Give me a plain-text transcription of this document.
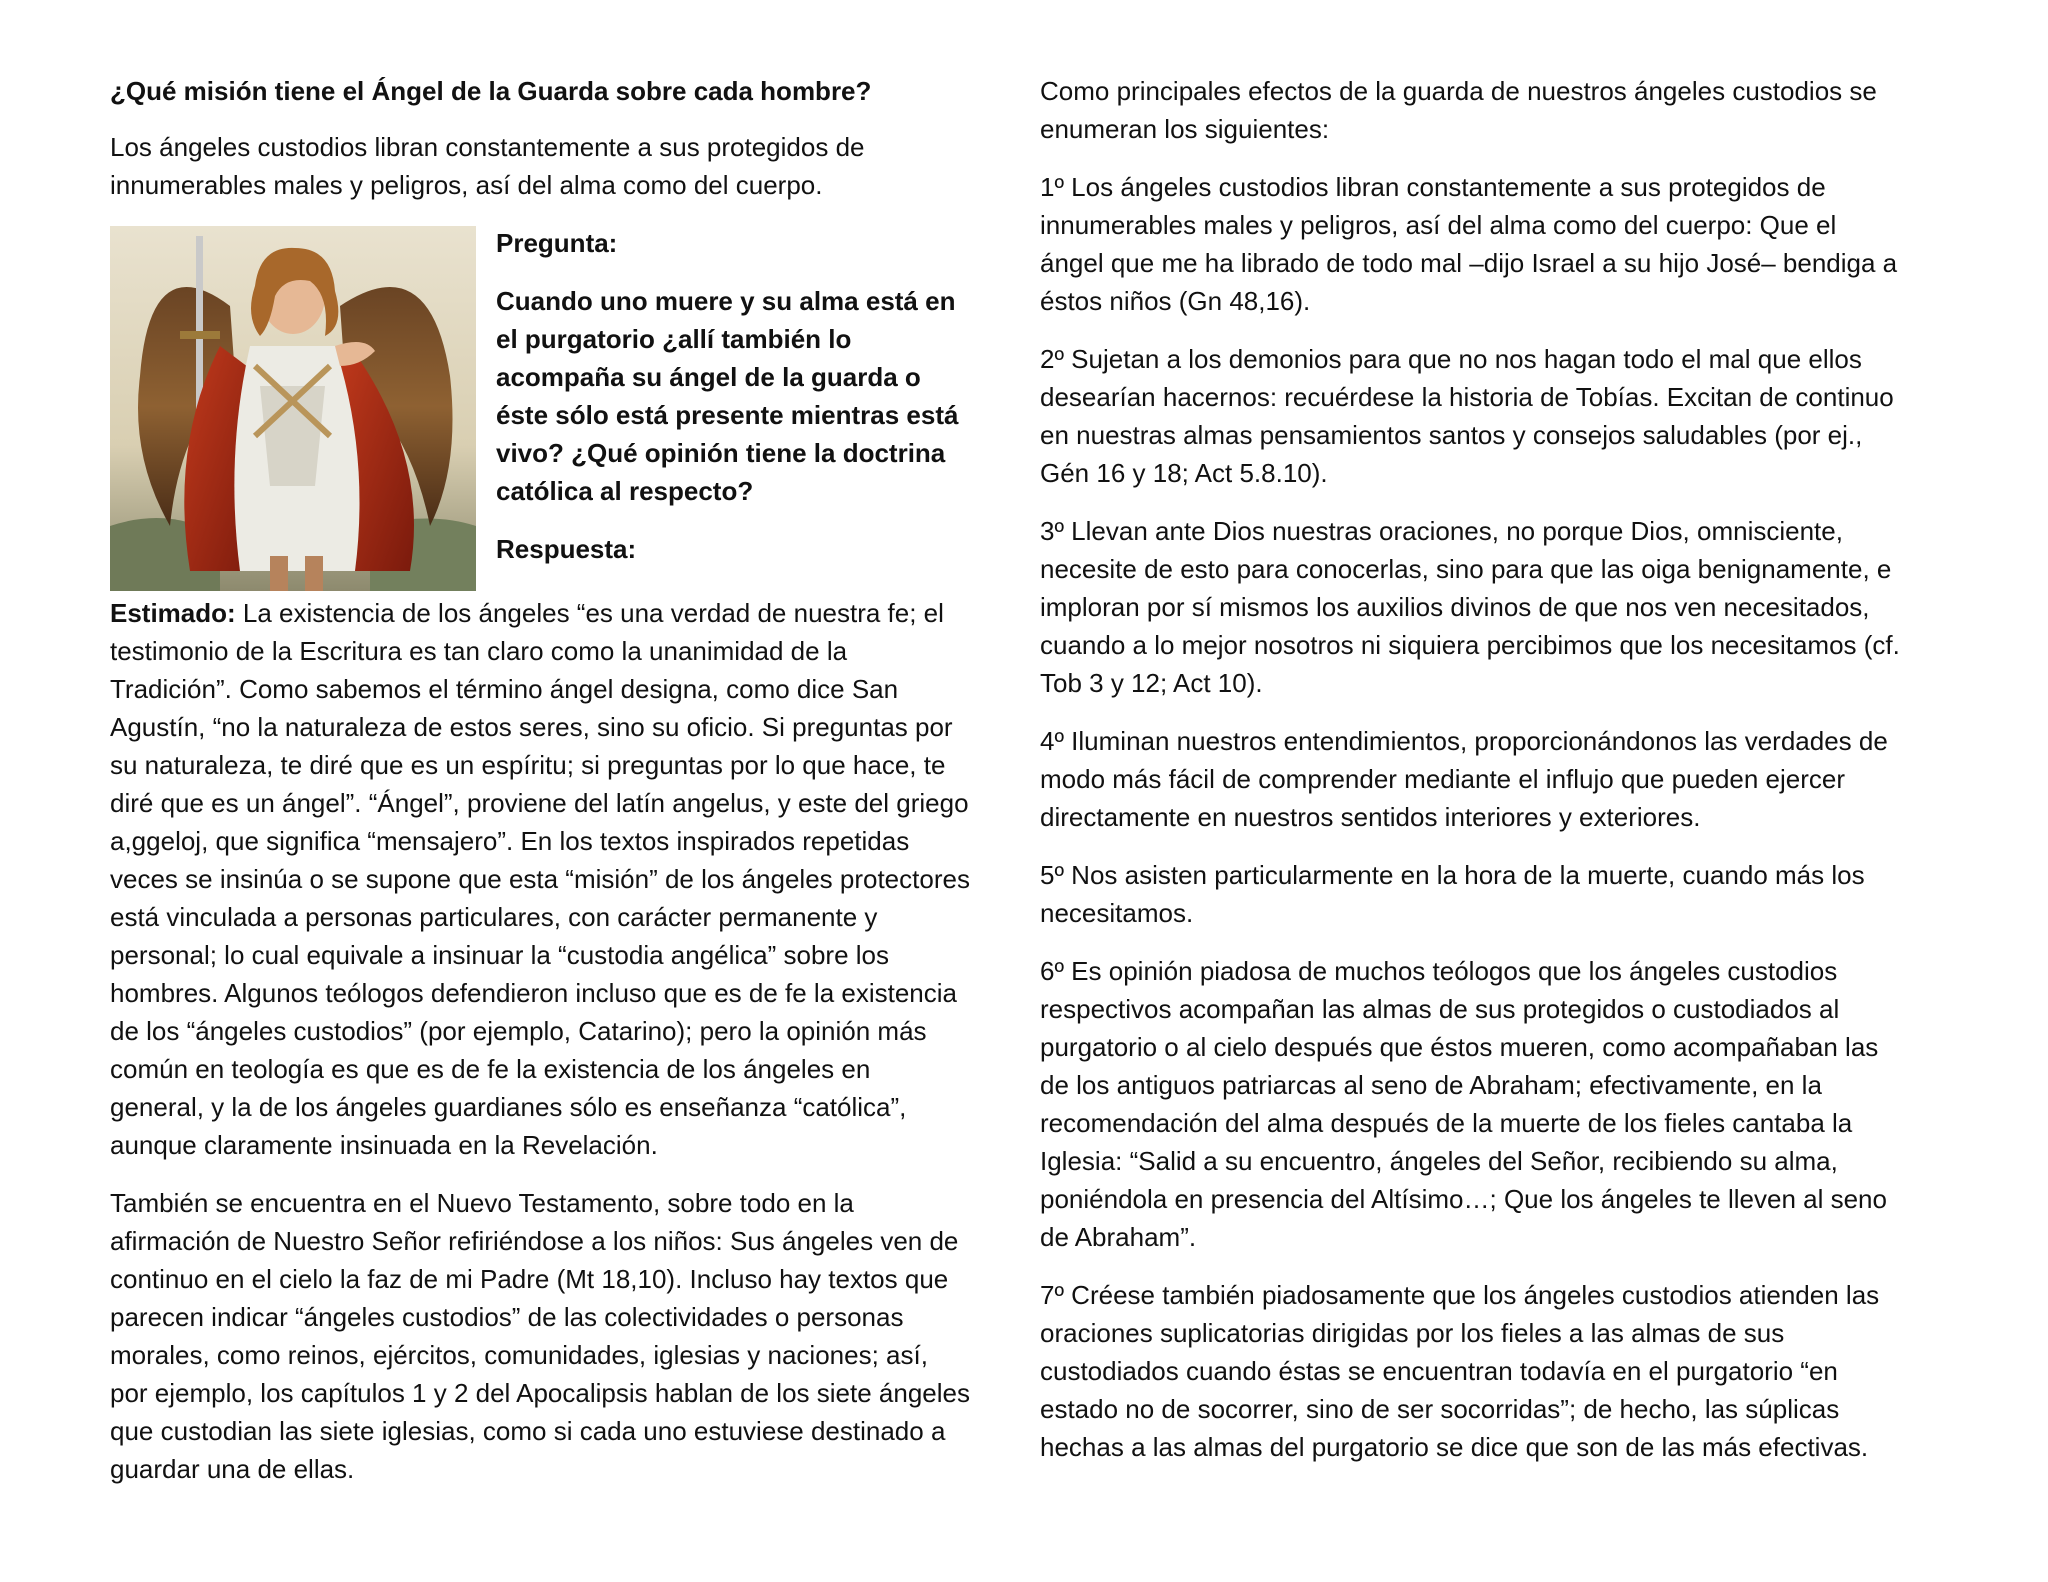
¿Qué misión tiene el Ángel de la Guarda sobre cada hombre?

Los ángeles custodios libran constantemente a sus protegidos de innumerables males y peligros, así del alma como del cuerpo.

Pregunta:

Cuando uno muere y su alma está en el purgatorio ¿allí también lo acompaña su ángel de la guarda o éste sólo está presente mientras está vivo? ¿Qué opinión tiene la doctrina católica al respecto?

Respuesta:

Estimado: La existencia de los ángeles “es una verdad de nuestra fe; el testimonio de la Escritura es tan claro como la unanimidad de la Tradición”. Como sabemos el término ángel designa, como dice San Agustín, “no la naturaleza de estos seres, sino su oficio. Si preguntas por su naturaleza, te diré que es un espíritu; si preguntas por lo que hace, te diré que es un ángel”. “Ángel”, proviene del latín angelus, y este del griego a,ggeloj, que significa “mensajero”. En los textos inspirados repetidas veces se insinúa o se supone que esta “misión” de los ángeles protectores está vinculada a personas particulares, con carácter permanente y personal; lo cual equivale a insinuar la “custodia angélica” sobre los hombres. Algunos teólogos defendieron incluso que es de fe la existencia de los “ángeles custodios” (por ejemplo, Catarino); pero la opinión más común en teología es que es de fe la existencia de los ángeles en general, y la de los ángeles guardianes sólo es enseñanza “católica”, aunque claramente insinuada en la Revelación.

También se encuentra en el Nuevo Testamento, sobre todo en la afirmación de Nuestro Señor refiriéndose a los niños: Sus ángeles ven de continuo en el cielo la faz de mi Padre (Mt 18,10). Incluso hay textos que parecen indicar “ángeles custodios” de las colectividades o personas morales, como reinos, ejércitos, comunidades, iglesias y naciones; así, por ejemplo, los capítulos 1 y 2 del Apocalipsis hablan de los siete ángeles que custodian las siete iglesias, como si cada uno estuviese destinado a guardar una de ellas.

Como principales efectos de la guarda de nuestros ángeles custodios se enumeran los siguientes:

1º Los ángeles custodios libran constantemente a sus protegidos de innumerables males y peligros, así del alma como del cuerpo: Que el ángel que me ha librado de todo mal –dijo Israel a su hijo José– bendiga a éstos niños (Gn 48,16).

2º Sujetan a los demonios para que no nos hagan todo el mal que ellos desearían hacernos: recuérdese la historia de Tobías. Excitan de continuo en nuestras almas pensamientos santos y consejos saludables (por ej., Gén 16 y 18; Act 5.8.10).

3º Llevan ante Dios nuestras oraciones, no porque Dios, omnisciente, necesite de esto para conocerlas, sino para que las oiga benignamente, e imploran por sí mismos los auxilios divinos de que nos ven necesitados, cuando a lo mejor nosotros ni siquiera percibimos que los necesitamos (cf. Tob 3 y 12; Act 10).

4º Iluminan nuestros entendimientos, proporcionándonos las verdades de modo más fácil de comprender mediante el influjo que pueden ejercer directamente en nuestros sentidos interiores y exteriores.

5º Nos asisten particularmente en la hora de la muerte, cuando más los necesitamos.

6º Es opinión piadosa de muchos teólogos que los ángeles custodios respectivos acompañan las almas de sus protegidos o custodiados al purgatorio o al cielo después que éstos mueren, como acompañaban las de los antiguos patriarcas al seno de Abraham; efectivamente, en la recomendación del alma después de la muerte de los fieles cantaba la Iglesia: “Salid a su encuentro, ángeles del Señor, recibiendo su alma, poniéndola en presencia del Altísimo…; Que los ángeles te lleven al seno de Abraham”.

7º Créese también piadosamente que los ángeles custodios atienden las oraciones suplicatorias dirigidas por los fieles a las almas de sus custodiados cuando éstas se encuentran todavía en el purgatorio “en estado no de socorrer, sino de ser socorridas”; de hecho, las súplicas hechas a las almas del purgatorio se dice que son de las más efectivas.
